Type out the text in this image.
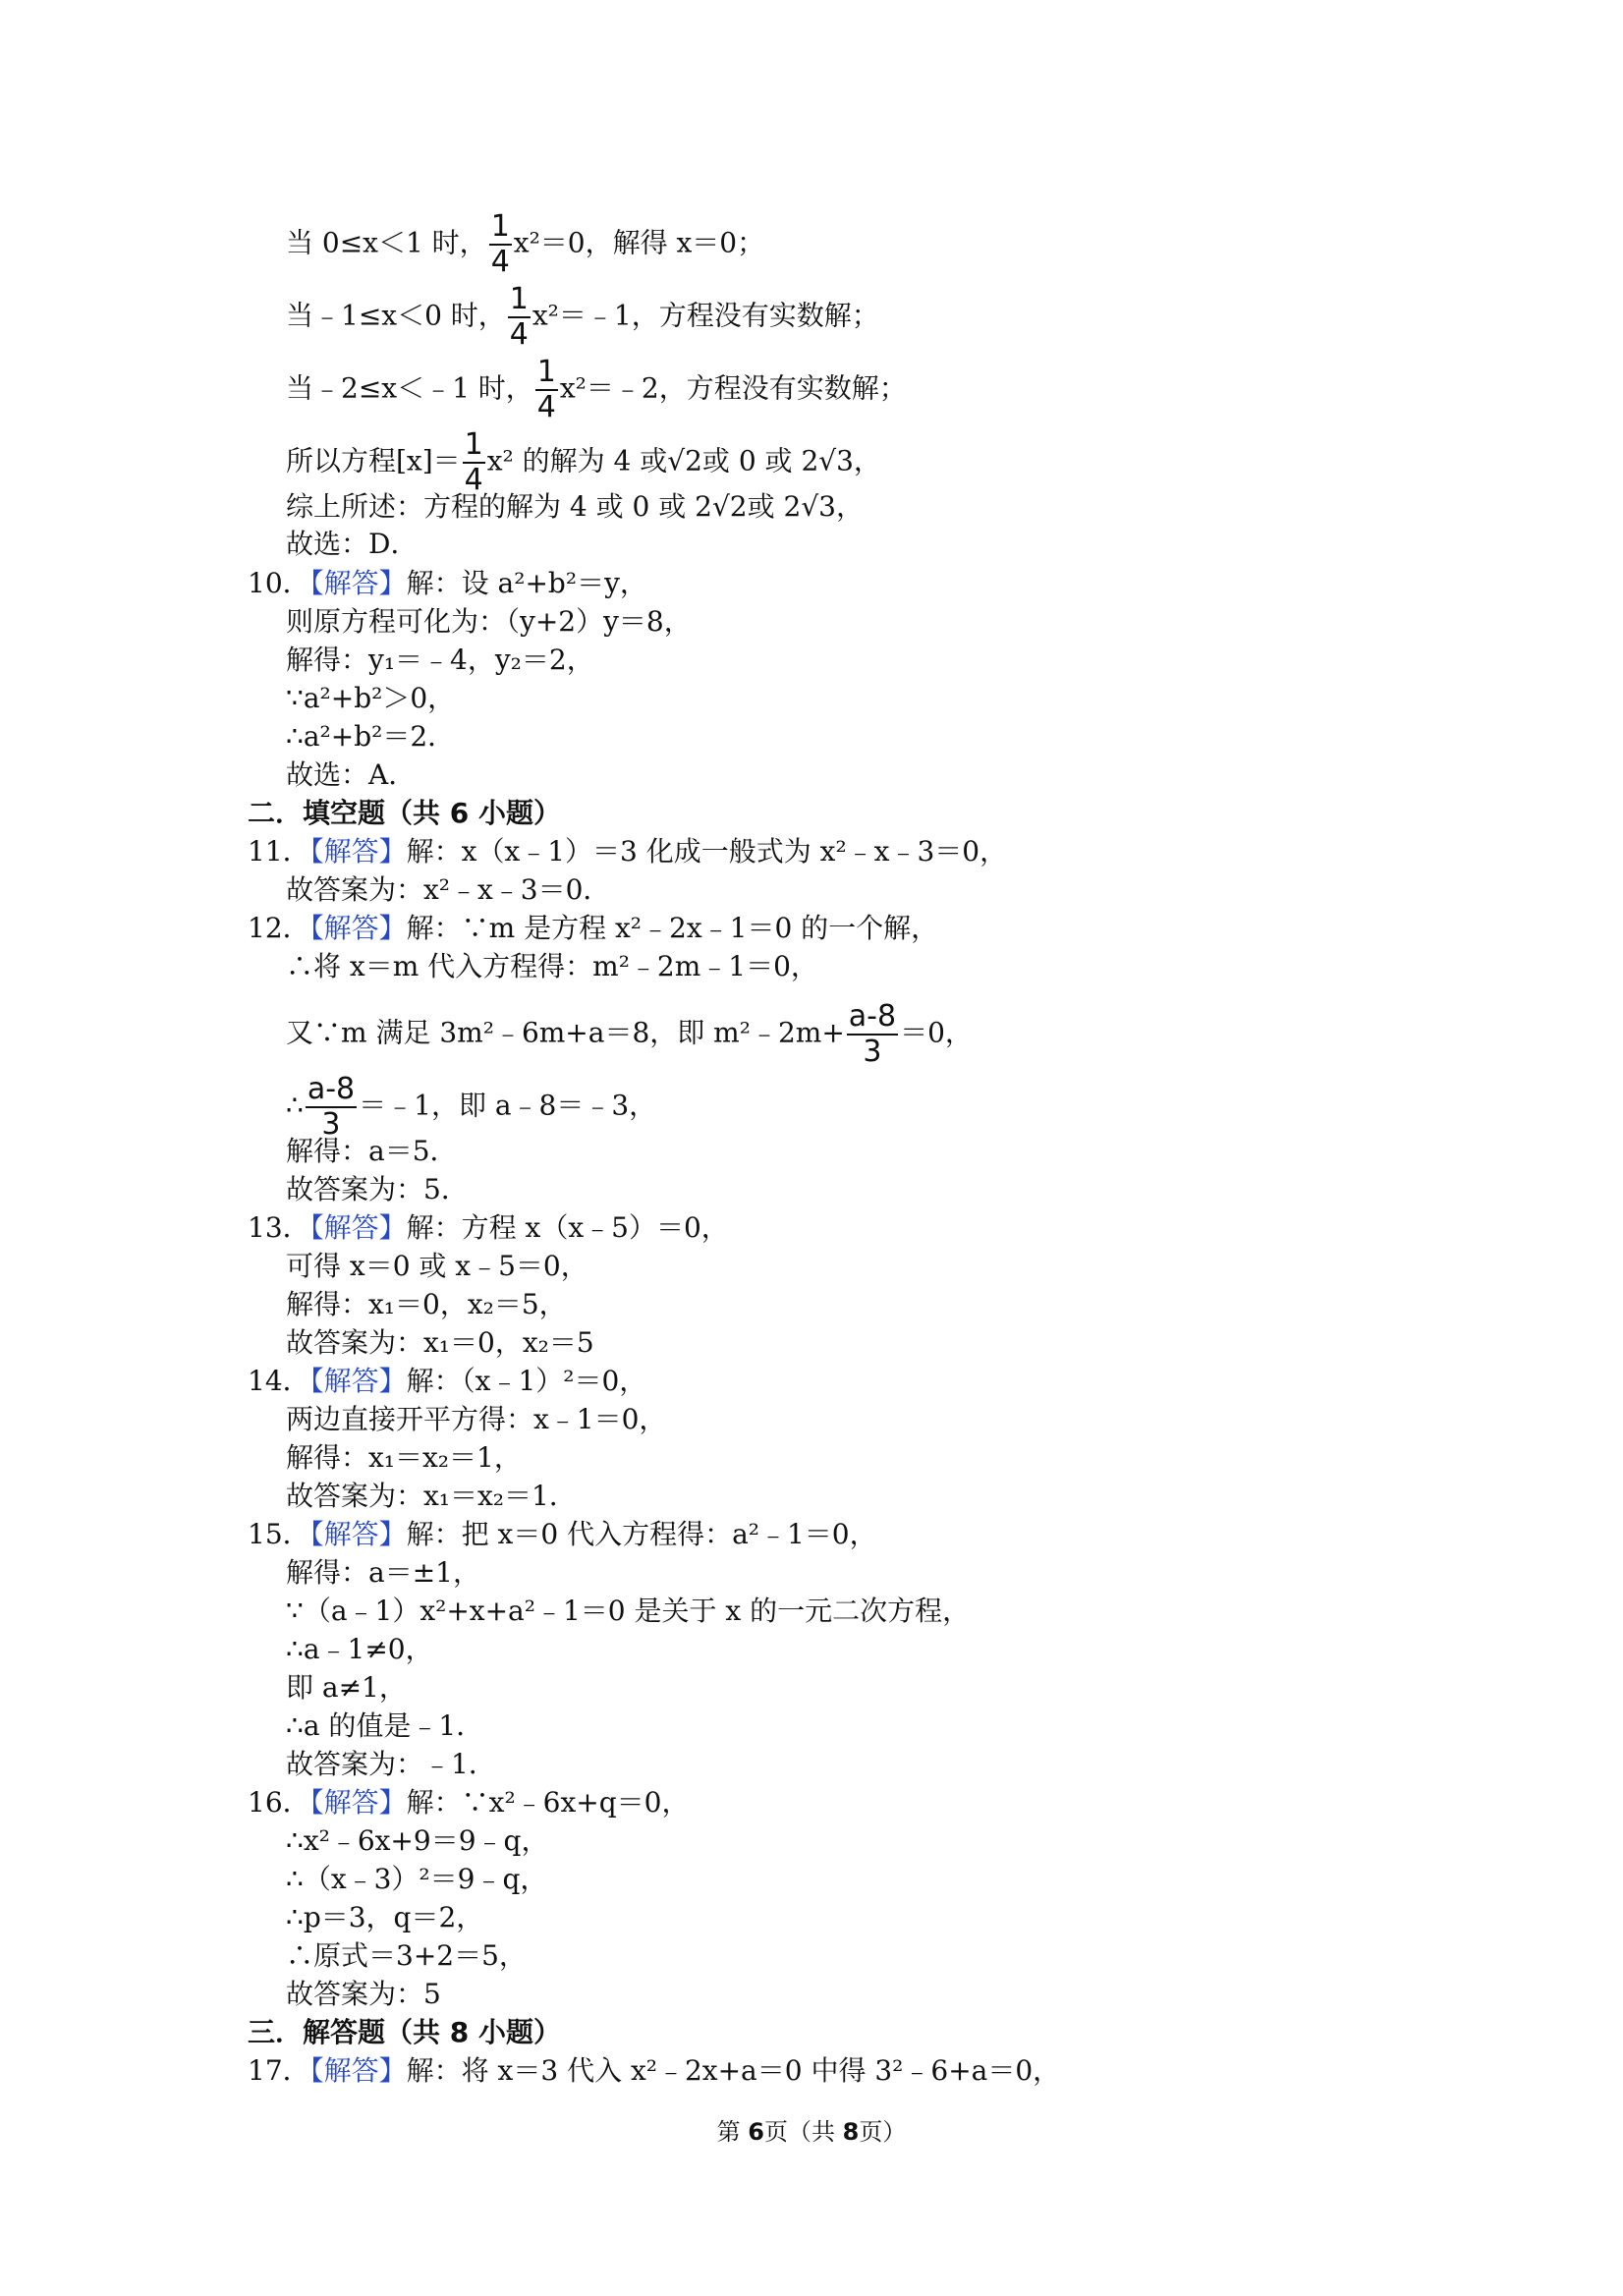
当 0≤x＜1 时， $\frac{1}{4} x^2=0$，解得 x＝0；
当﹣1≤x＜0 时， $\frac{1}{4}$ x²＝﹣1，方程没有实数解；
当﹣2≤x＜﹣1 时， $\frac{1}{4}$ x²＝﹣2，方程没有实数解；
所以方程$[x]= \frac{1}{4} x^2$ 的解为 4 或√2或 0 或 2√3，
综上所述：方程的解为 4 或 0 或 2√2或 2√3，
故选：D．
10．【解答】解：设 a²+b²＝y，
则原方程可化为：（y+2）y＝8，
解得：y₁＝﹣4，y₂＝2，
∵a²+b²＞0，
∴a²+b²＝2．
故选：A．
二．填空题（共 6 小题）
11．【解答】解：x（x﹣1）＝3 化成一般式为 x²﹣x﹣3＝0，
故答案为：x²﹣x﹣3＝0．
12．【解答】解：∵m 是方程 x²﹣2x﹣1＝0 的一个解，
∴将 x＝m 代入方程得：m²﹣2m﹣1＝0，
又∵m 满足 3m²﹣6m+a＝8，即 m²﹣2m+ $\frac{a-8}{3} =0$，
∴ $\frac{a-8}{3}$ ＝﹣1，即 a﹣8＝﹣3，
解得：a＝5．
故答案为：5．
13．【解答】解：方程 x（x﹣5）＝0，
可得 x＝0 或 x﹣5＝0，
解得：x₁＝0，x₂＝5，
故答案为：x₁＝0，x₂＝5
14．【解答】解：（x﹣1）²＝0，
两边直接开平方得：x﹣1＝0，
解得：x₁＝x₂＝1，
故答案为：x₁＝x₂＝1．
15．【解答】解：把 x＝0 代入方程得：a²﹣1＝0，
解得：a＝±1，
∵（a﹣1）x²+x+a²﹣1＝0 是关于 x 的一元二次方程，
∴a﹣1≠0，
即 a≠1，
∴a 的值是﹣1．
故答案为：﹣1．
16．【解答】解：∵x²﹣6x+q＝0，
∴x²﹣6x+9＝9﹣q，
∴（x﹣3）²＝9﹣q，
∴p＝3，q＝2，
∴原式＝3+2＝5，
故答案为：5
三．解答题（共 8 小题）
17．【解答】解：将 x＝3 代入 x²﹣2x+a＝0 中得 3²﹣6+a＝0，
第 6页（共 8页）
